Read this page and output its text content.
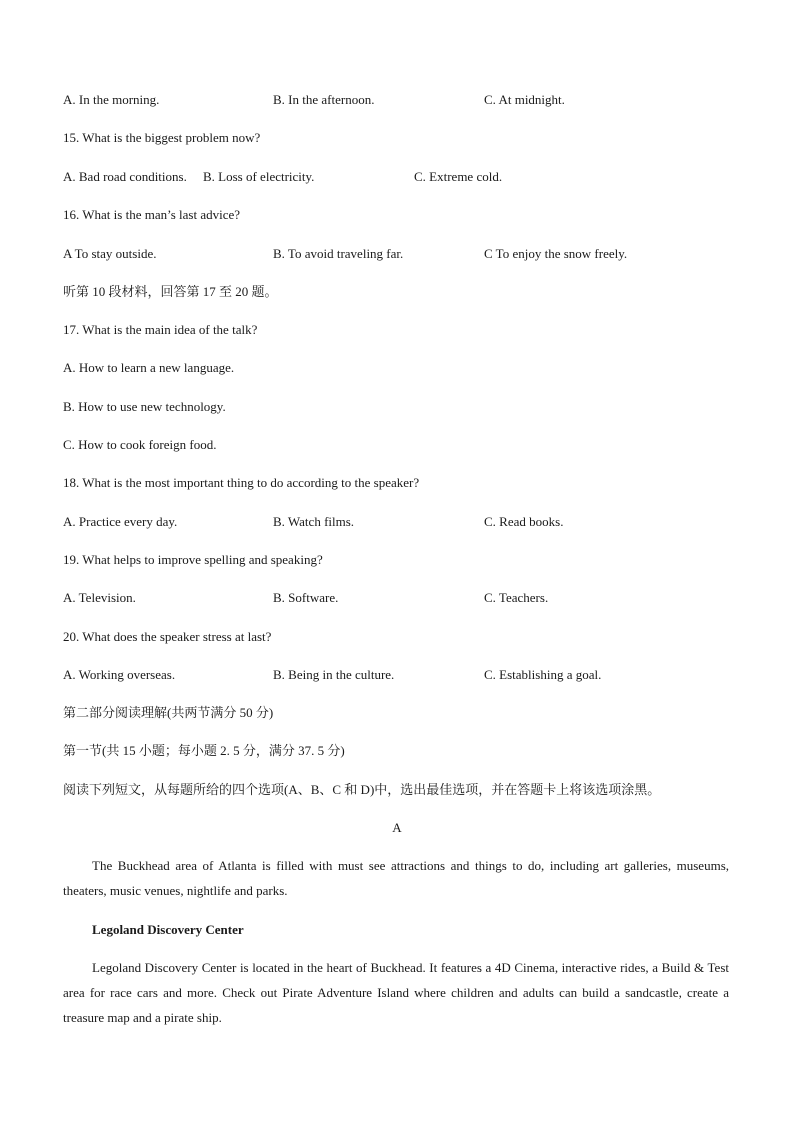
A. In the morning.	B. In the afternoon.	C. At midnight.
15. What is the biggest problem now?
A. Bad road conditions. B. Loss of electricity.	C. Extreme cold.
16. What is the man’s last advice?
A To stay outside.	B. To avoid traveling far.	C To enjoy the snow freely.
听第 10 段材料，回答第 17 至 20 题。
17. What is the main idea of the talk?
A. How to learn a new language.
B. How to use new technology.
C. How to cook foreign food.
18. What is the most important thing to do according to the speaker?
A. Practice every day.	B. Watch films.	C. Read books.
19. What helps to improve spelling and speaking?
A. Television.	B. Software.	C. Teachers.
20. What does the speaker stress at last?
A. Working overseas.	B. Being in the culture.	C. Establishing a goal.
第二部分阅读理解(共两节满分 50 分)
第一节(共 15 小题；每小题 2. 5 分，满分 37. 5 分)
阅读下列短文，从每题所给的四个选项(A、B、C 和 D)中，选出最佳选项，并在答题卡上将该选项涂黑。
A
The Buckhead area of Atlanta is filled with must see attractions and things to do, including art galleries, museums, theaters, music venues, nightlife and parks.
Legoland Discovery Center
Legoland Discovery Center is located in the heart of Buckhead. It features a 4D Cinema, interactive rides, a Build & Test area for race cars and more. Check out Pirate Adventure Island where children and adults can build a sandcastle, create a treasure map and a pirate ship.
